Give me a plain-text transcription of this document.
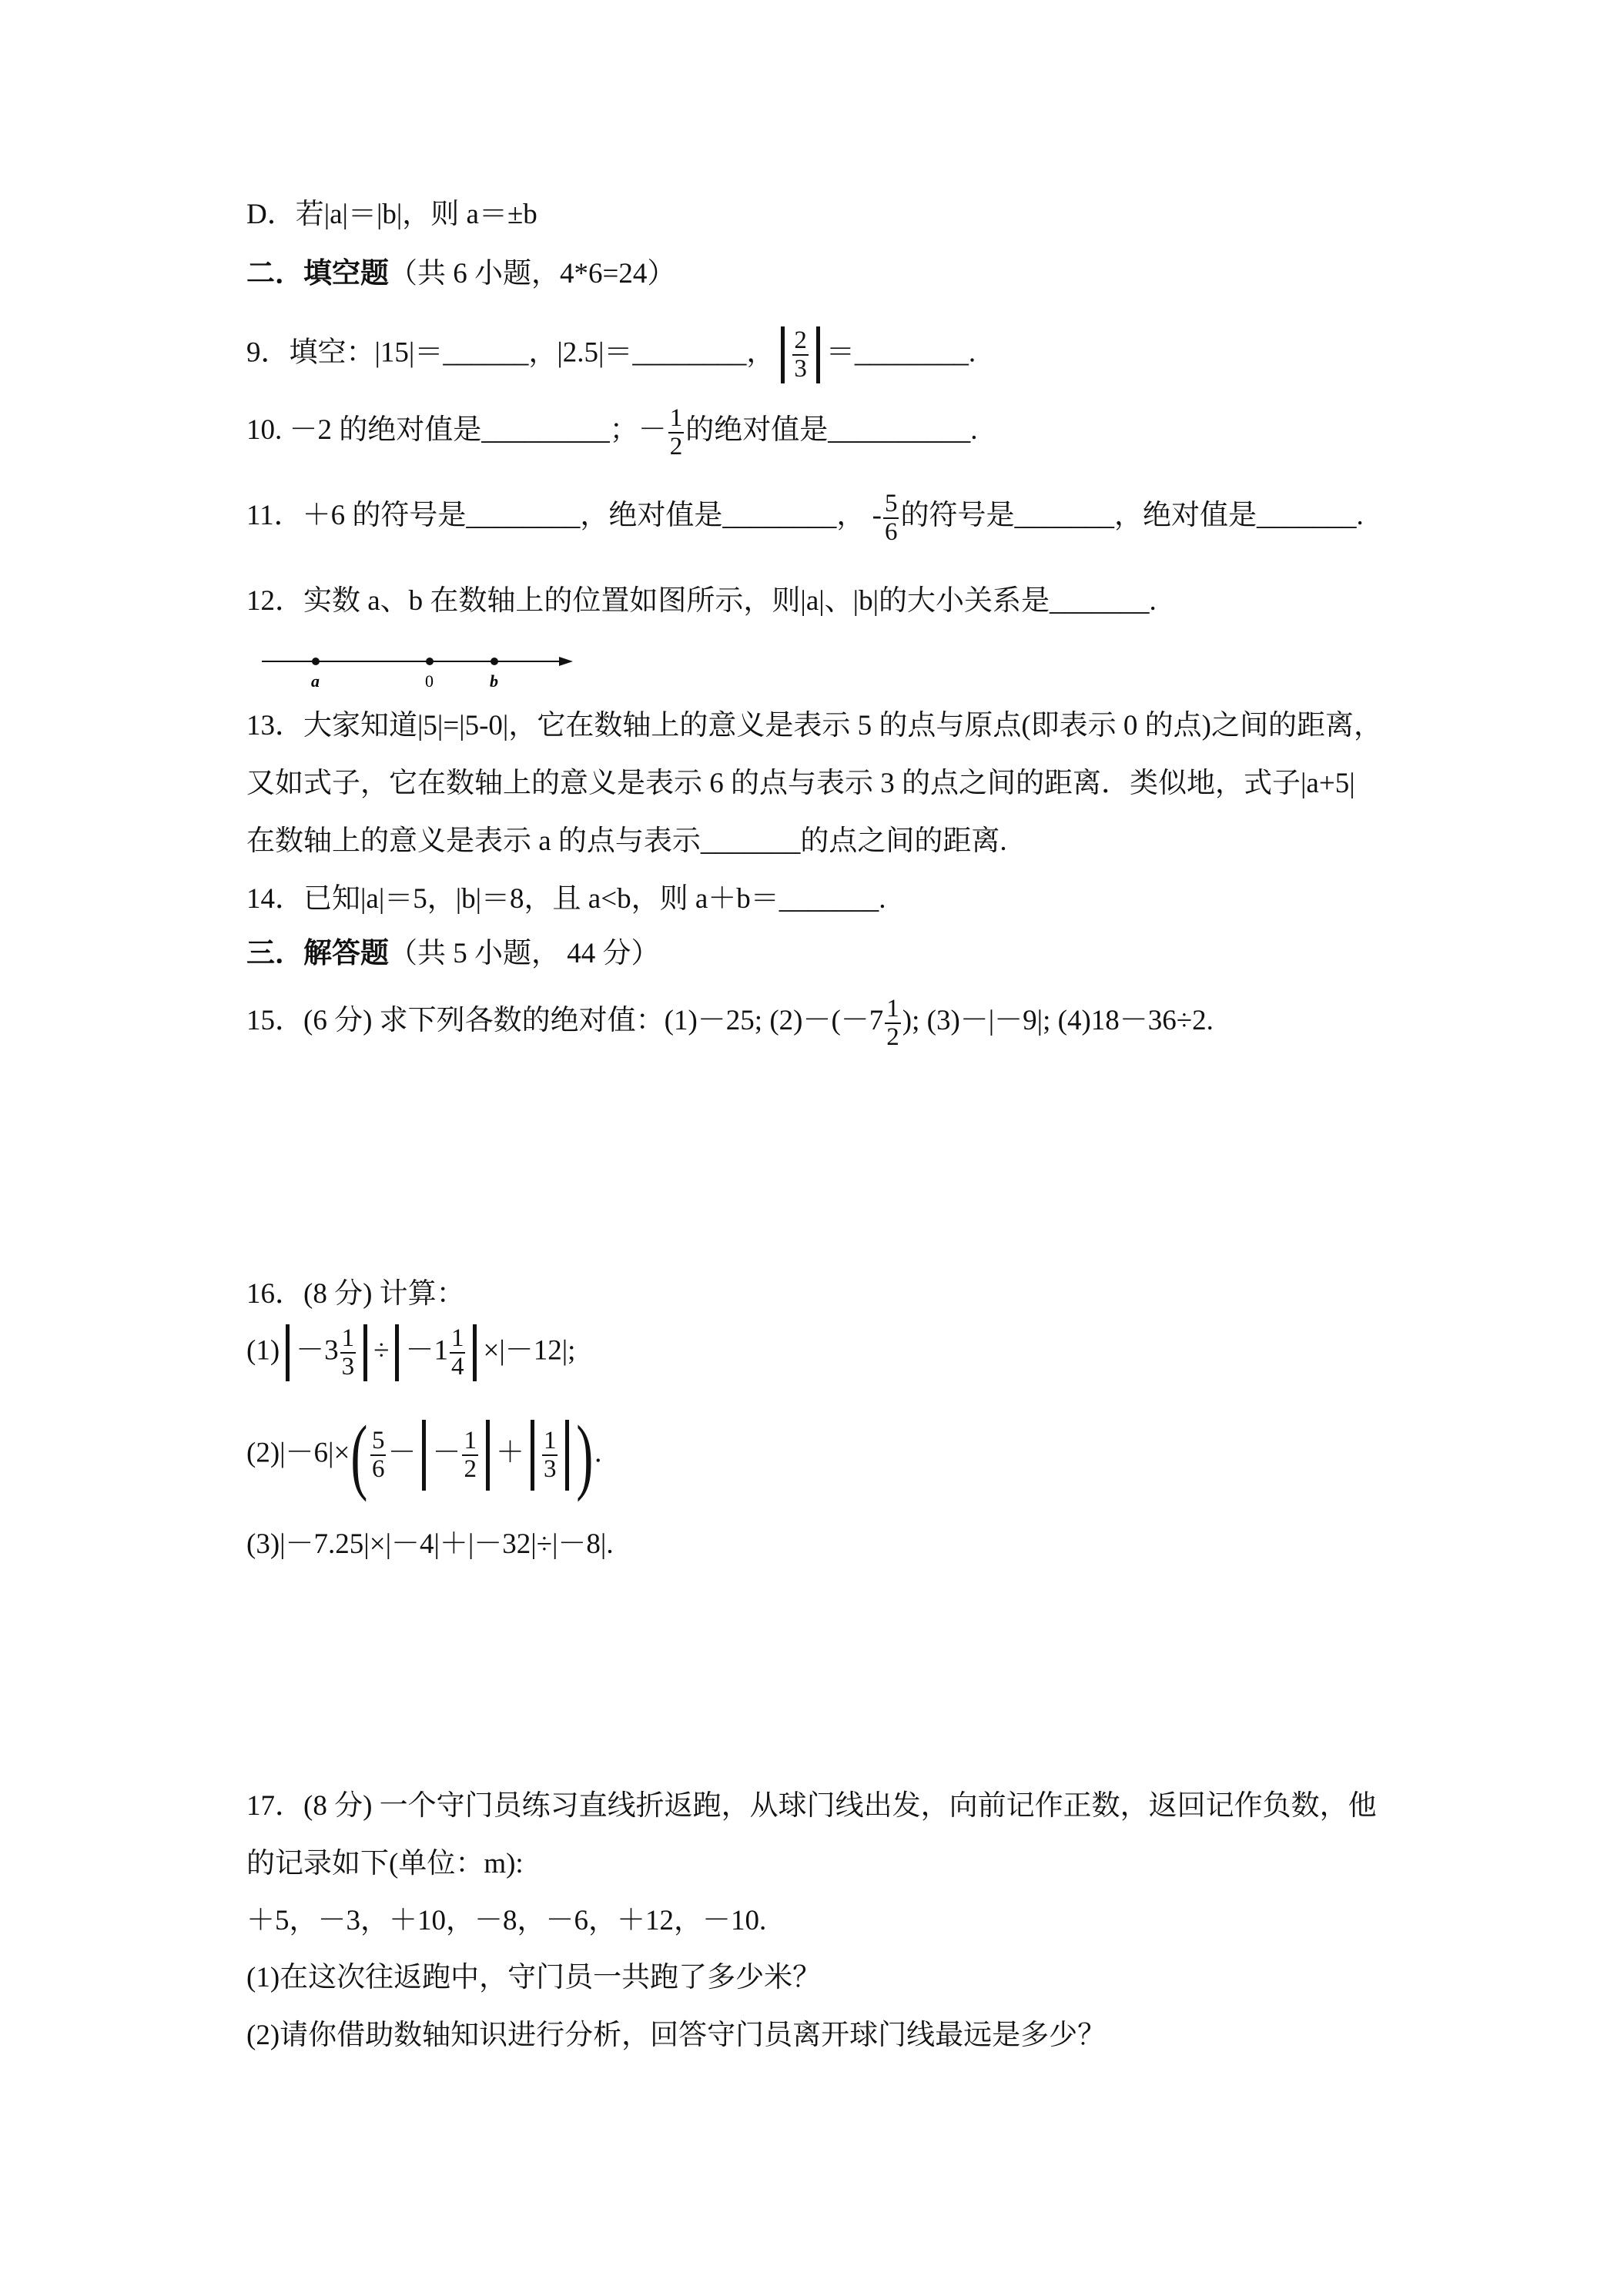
D．若|a|＝|b|，则 a＝±b
二．填空题（共 6 小题，4*6=24）
9．填空：|15|＝______，|2.5|＝________， $\frac{2}{3}$ ＝________.
10. －2 的绝对值是_________；－ $\frac{1}{2}$ 的绝对值是__________.
11．＋6 的符号是________，绝对值是________， - $\frac{5}{6}$ 的符号是_______，绝对值是_______.
12．实数 a、b 在数轴上的位置如图所示，则|a|、|b|的大小关系是_______.
a	0	b
13．大家知道|5|=|5-0|，它在数轴上的意义是表示 5 的点与原点(即表示 0 的点)之间的距离，
又如式子，它在数轴上的意义是表示 6 的点与表示 3 的点之间的距离．类似地，式子|a+5|
在数轴上的意义是表示 a 的点与表示_______的点之间的距离.
14．已知|a|＝5，|b|＝8，且 a<b，则 a＋b＝_______.
三．解答题（共 5 小题， 44 分）
15．(6 分) 求下列各数的绝对值：(1)－25; $(2)-(-7 \frac{1}{2}$ ); (3)－|－9|; (4)18－36÷2.
16．(8 分) 计算：
$(1) -3 \frac{1}{3} \div -1 \frac{1}{4} \times|-12|$;
$(2)|-6|\times( \frac{5}{6}$ － － $\frac{1}{2} + \frac{1}{3}$ ).
(3)|－7.25|×|－4|＋|－32|÷|－8|.
17．(8 分) 一个守门员练习直线折返跑，从球门线出发，向前记作正数，返回记作负数，他
的记录如下(单位：m):
＋5，－3，＋10，－8，－6，＋12，－10.
(1)在这次往返跑中，守门员一共跑了多少米？
(2)请你借助数轴知识进行分析，回答守门员离开球门线最远是多少？
